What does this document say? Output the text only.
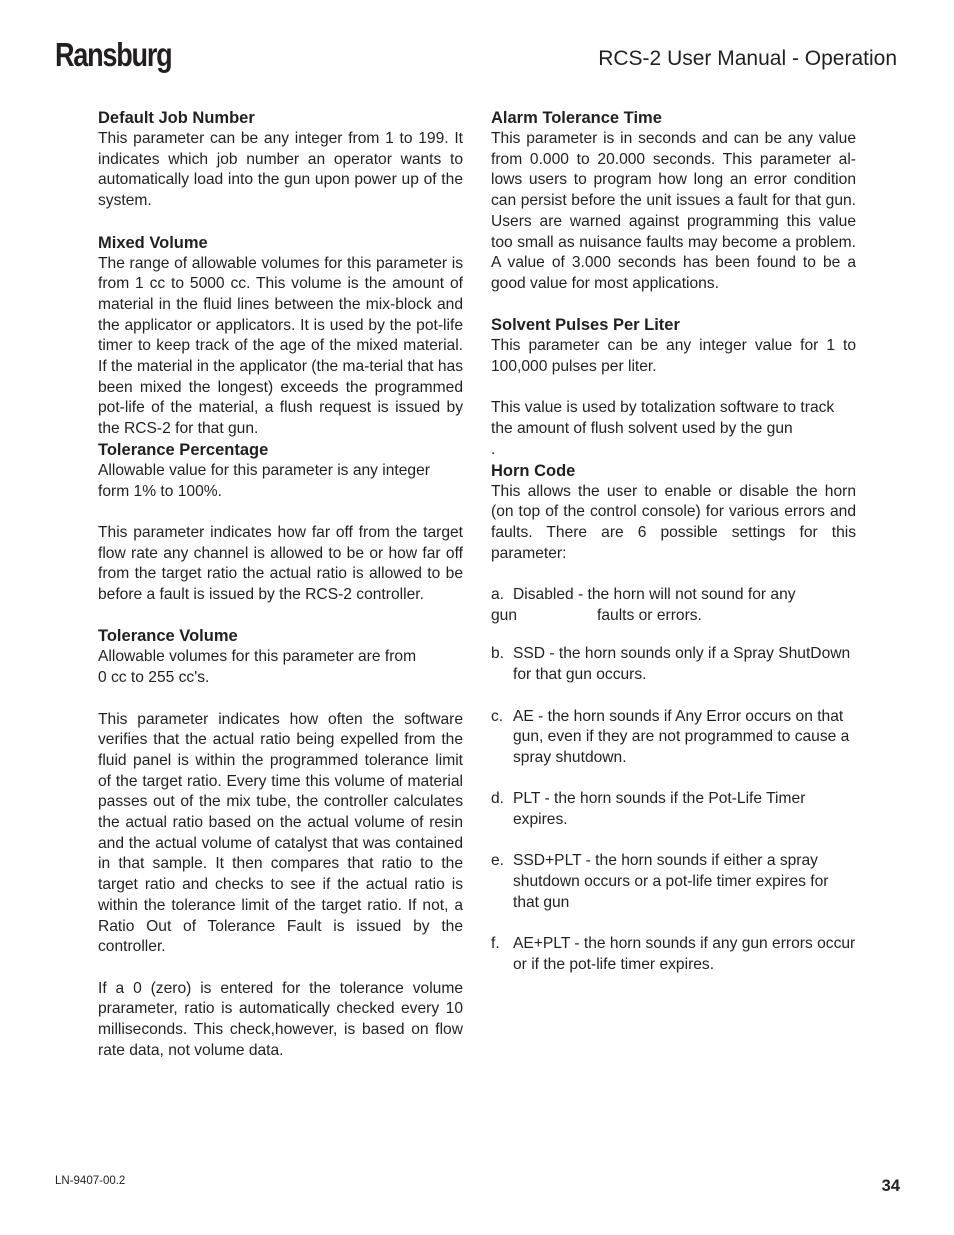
Ransburg	RCS-2 User Manual - Operation

Default Job Number

This parameter can be any integer from 1 to 199. It indicates which job number an operator wants to automatically load into the gun upon power up of the system.

Mixed Volume

The range of allowable volumes for this parameter is from 1 cc to 5000 cc. This volume is the amount of material in the fluid lines between the mix-block and the applicator or applicators. It is used by the pot-life timer to keep track of the age of the mixed material. If the material in the applicator (the ma-terial that has been mixed the longest) exceeds the programmed pot-life of the material, a flush request is issued by the RCS-2 for that gun.

Tolerance Percentage

Allowable value for this parameter is any integer form 1% to 100%.

This parameter indicates how far off from the target flow rate any channel is allowed to be or how far off from the target ratio the actual ratio is allowed to be before a fault is issued by the RCS-2 controller.

Tolerance Volume

Allowable volumes for this parameter are from

0 cc to 255 cc's.

This parameter indicates how often the software verifies that the actual ratio being expelled from the fluid panel is within the programmed tolerance limit of the target ratio. Every time this volume of material passes out of the mix tube, the controller calculates the actual ratio based on the actual volume of resin and the actual volume of catalyst that was contained in that sample. It then compares that ratio to the target ratio and checks to see if the actual ratio is within the tolerance limit of the target ratio. If not, a Ratio Out of Tolerance Fault is issued by the controller.

If a 0 (zero) is entered for the tolerance volume prarameter, ratio is automatically checked every 10 milliseconds. This check,however, is based on flow rate data, not volume data.

Alarm Tolerance Time

This parameter is in seconds and can be any value from 0.000 to 20.000 seconds. This parameter al-lows users to program how long an error condition can persist before the unit issues a fault for that gun. Users are warned against programming this value too small as nuisance faults may become a problem. A value of 3.000 seconds has been found to be a good value for most applications.

Solvent Pulses Per Liter

This parameter can be any integer value for 1 to 100,000 pulses per liter.

This value is used by totalization software to track the amount of flush solvent used by the gun

.

Horn Code

This allows the user to enable or disable the horn (on top of the control console) for various errors and faults. There are 6 possible settings for this parameter:

a. Disabled - the horn will not sound for any

gun	faults or errors.

b. SSD - the horn sounds only if a Spray ShutDown for that gun occurs.
c. AE - the horn sounds if Any Error occurs on that gun, even if they are not programmed to cause a spray shutdown.
d. PLT - the horn sounds if the Pot-Life Timer expires.
e. SSD+PLT - the horn sounds if either a spray shutdown occurs or a pot-life timer expires for that gun
f. AE+PLT - the horn sounds if any gun errors occur or if the pot-life timer expires.
LN-9407-00.2	34
